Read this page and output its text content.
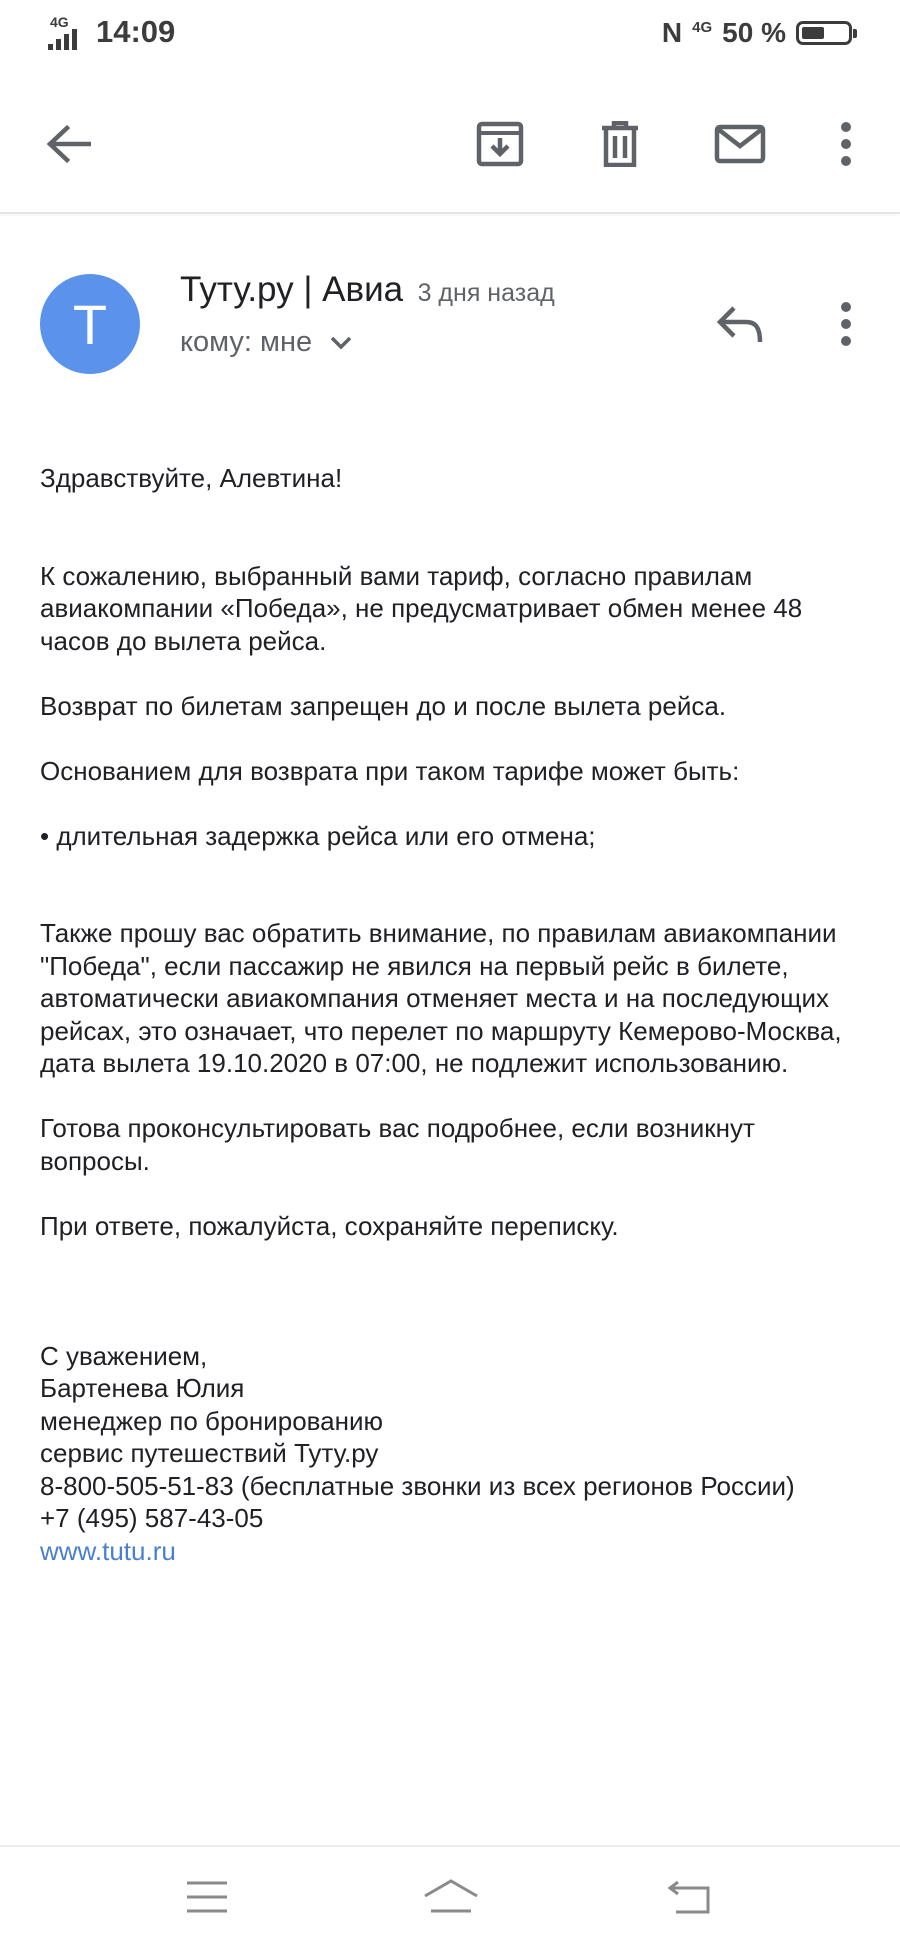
4G 14:09	N 4G 50 %
T
Туту.ру | Авиа 3 дня назад
кому: мне

Здравствуйте, Алевтина!

К сожалению, выбранный вами тариф, согласно правилам авиакомпании «Победа», не предусматривает обмен менее 48 часов до вылета рейса.

Возврат по билетам запрещен до и после вылета рейса.

Основанием для возврата при таком тарифе может быть:

• длительная задержка рейса или его отмена;

Также прошу вас обратить внимание, по правилам авиакомпании "Победа", если пассажир не явился на первый рейс в билете, автоматически авиакомпания отменяет места и на последующих рейсах, это означает, что перелет по маршруту Кемерово-Москва, дата вылета 19.10.2020 в 07:00, не подлежит использованию.

Готова проконсультировать вас подробнее, если возникнут вопросы.

При ответе, пожалуйста, сохраняйте переписку.

С уважением,

Бартенева Юлия

менеджер по бронированию

сервис путешествий Туту.ру

8-800-505-51-83 (бесплатные звонки из всех регионов России)

+7 (495) 587-43-05

www.tutu.ru
